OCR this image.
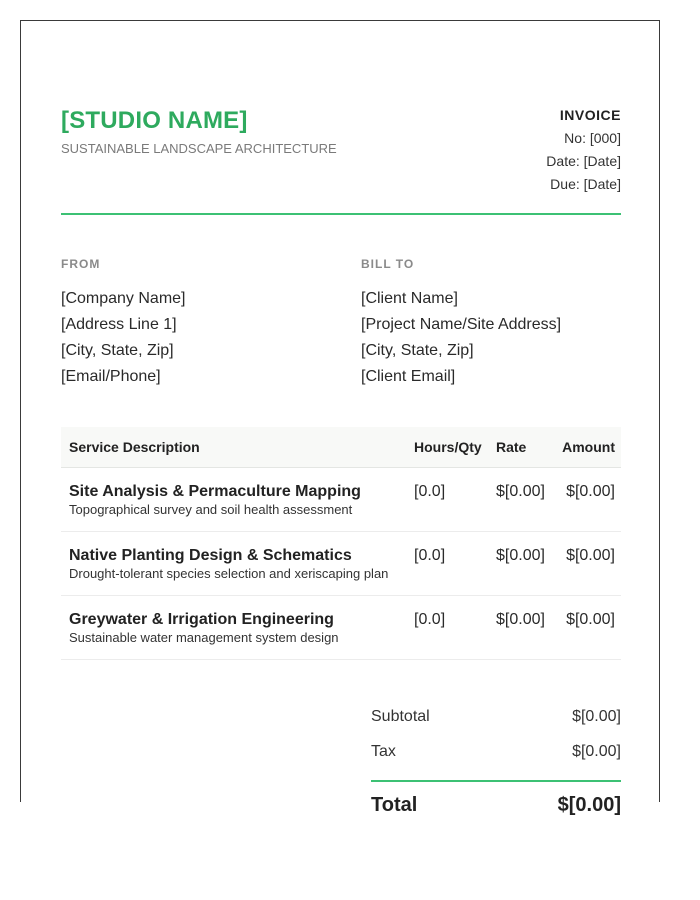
[STUDIO NAME]
SUSTAINABLE LANDSCAPE ARCHITECTURE
INVOICE
No: [000]
Date: [Date]
Due: [Date]
FROM
[Company Name]
[Address Line 1]
[City, State, Zip]
[Email/Phone]
BILL TO
[Client Name]
[Project Name/Site Address]
[City, State, Zip]
[Client Email]
Service Description	Hours/Qty	Rate	Amount
Site Analysis & Permaculture Mapping
Topographical survey and soil health assessment
[0.0]	$[0.00]	$[0.00]
Native Planting Design & Schematics
Drought-tolerant species selection and xeriscaping plan
[0.0]	$[0.00]	$[0.00]
Greywater & Irrigation Engineering
Sustainable water management system design
[0.0]	$[0.00]	$[0.00]
Subtotal	$[0.00]
Tax	$[0.00]
Total	$[0.00]
